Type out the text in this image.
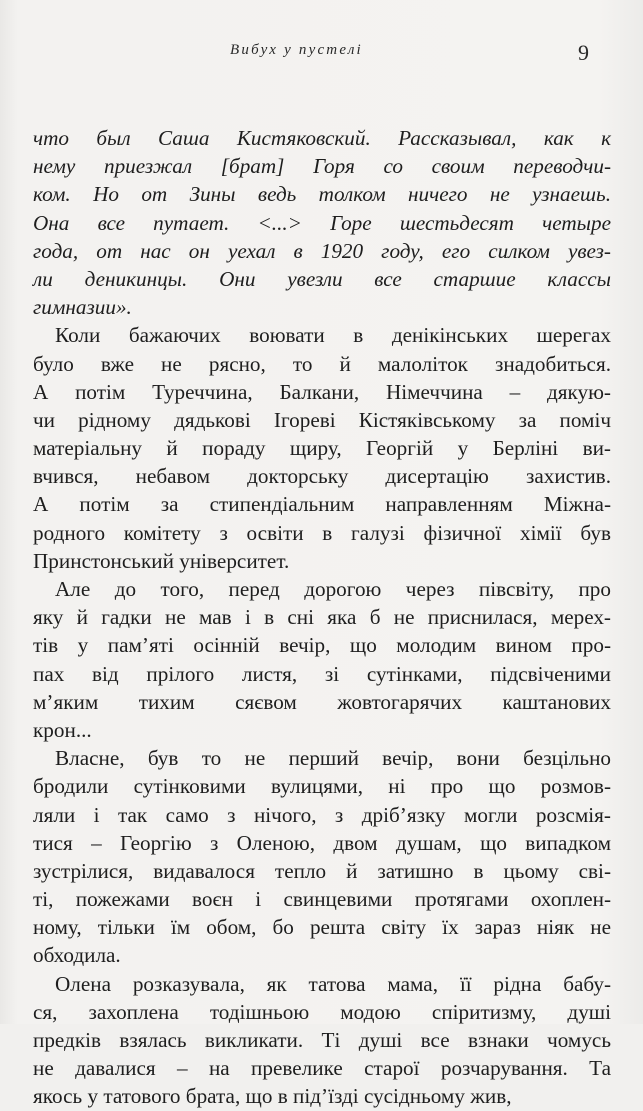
Вибух у пустелі	9
что был Саша Кистяковский. Рассказывал, как к
нему приезжал [брат] Горя со своим переводчи-
ком. Но от Зины ведь толком ничего не узнаешь.
Она все путает. <...> Горе шестьдесят четыре
года, от нас он уехал в 1920 году, его силком увез-
ли деникинцы. Они увезли все старшие классы
гимназии».
Коли бажаючих воювати в денікінських шерегах
було вже не рясно, то й малоліток знадобиться.
А потім Туреччина, Балкани, Німеччина – дякую-
чи рідному дядькові Ігореві Кістяківському за поміч
матеріальну й пораду щиру, Георгій у Берліні ви-
вчився, небавом докторську дисертацію захистив.
А потім за стипендіальним направленням Міжна-
родного комітету з освіти в галузі фізичної хімії був
Принстонський університет.
Але до того, перед дорогою через півсвіту, про
яку й гадки не мав і в сні яка б не приснилася, мерех-
тів у пам’яті осінній вечір, що молодим вином про-
пах від прілого листя, зі сутінками, підсвіченими
м’яким тихим сяєвом жовтогарячих каштанових
крон...
Власне, був то не перший вечір, вони безцільно
бродили сутінковими вулицями, ні про що розмов-
ляли і так само з нічого, з дріб’язку могли розсмія-
тися – Георгію з Оленою, двом душам, що випадком
зустрілися, видавалося тепло й затишно в цьому сві-
ті, пожежами воєн і свинцевими протягами охоплен-
ному, тільки їм обом, бо решта світу їх зараз ніяк не
обходила.
Олена розказувала, як татова мама, її рідна бабу-
ся, захоплена тодішньою модою спіритизму, душі
предків взялась викликати. Ті душі все взнаки чомусь
не давалися – на превелике старої розчарування. Та
якось у татового брата, що в під’їзді сусідньому жив,
